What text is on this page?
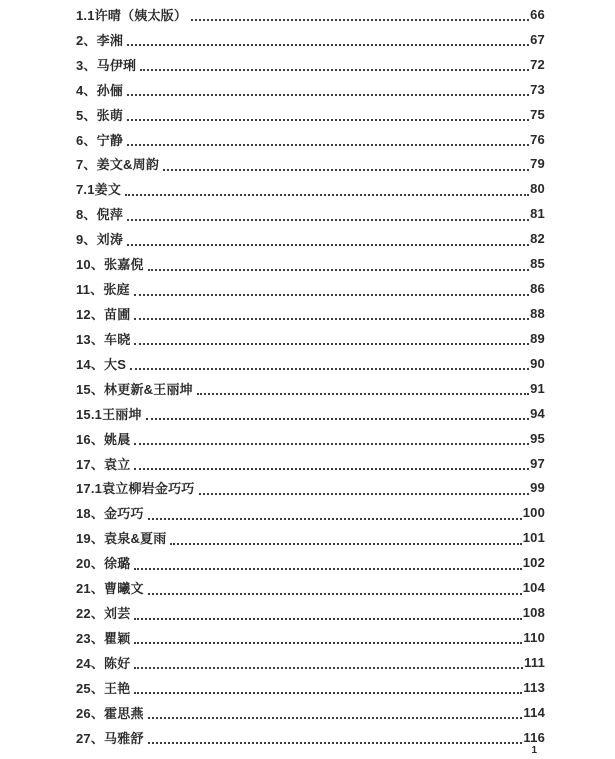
1.1许晴（姨太版）	66
2、李湘	67
3、马伊琍	72
4、孙俪	73
5、张萌	75
6、宁静	76
7、姜文&周韵	79
7.1姜文	80
8、倪萍	81
9、刘涛	82
10、张嘉倪	85
11、张庭	86
12、苗圃	88
13、车晓	89
14、大S	90
15、林更新&王丽坤	91
15.1王丽坤	94
16、姚晨	95
17、袁立	97
17.1袁立柳岩金巧巧	99
18、金巧巧	100
19、袁泉&夏雨	101
20、徐璐	102
21、曹曦文	104
22、刘芸	108
23、瞿颖	110
24、陈好	111
25、王艳	113
26、霍思燕	114
27、马雅舒	116
1
